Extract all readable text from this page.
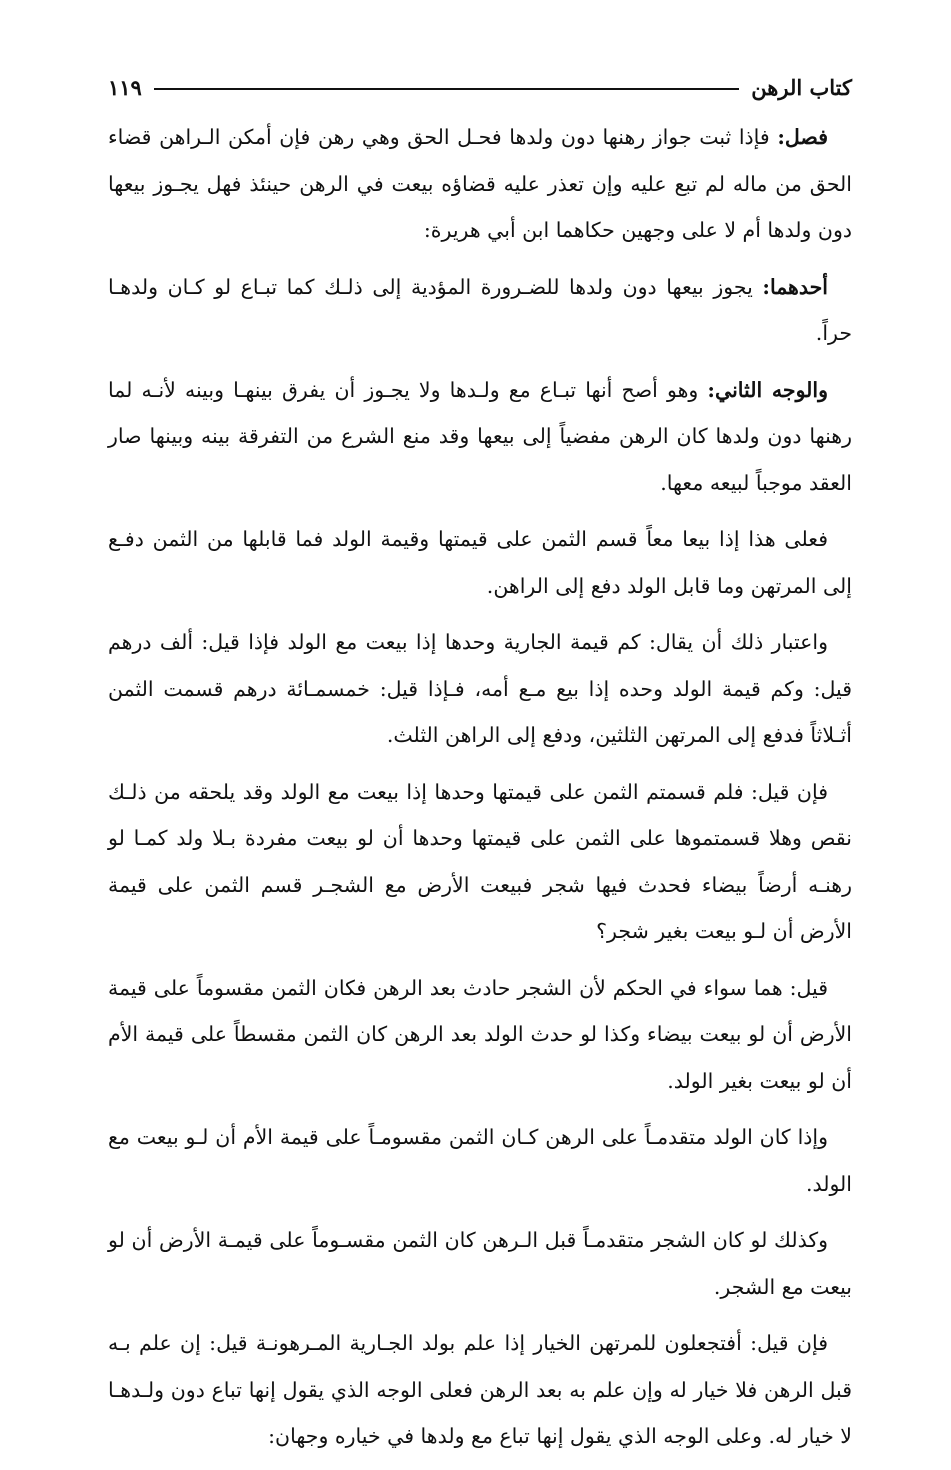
كتاب الرهن
١١٩

فصل: فإذا ثبت جواز رهنها دون ولدها فحـل الحق وهي رهن فإن أمكن الـراهن قضاء الحق من ماله لم تبع عليه وإن تعذر عليه قضاؤه بيعت في الرهن حينئذ فهل يجـوز بيعها دون ولدها أم لا على وجهين حكاهما ابن أبي هريرة:

أحدهما: يجوز بيعها دون ولدها للضـرورة المؤدية إلى ذلـك كما تبـاع لو كـان ولدهـا حراً.

والوجه الثاني: وهو أصح أنها تبـاع مع ولـدها ولا يجـوز أن يفرق بينهـا وبينه لأنـه لما رهنها دون ولدها كان الرهن مفضياً إلى بيعها وقد منع الشرع من التفرقة بينه وبينها صار العقد موجباً لبيعه معها.

فعلى هذا إذا بيعا معاً قسم الثمن على قيمتها وقيمة الولد فما قابلها من الثمن دفـع إلى المرتهن وما قابل الولد دفع إلى الراهن.

واعتبار ذلك أن يقال: كم قيمة الجارية وحدها إذا بيعت مع الولد فإذا قيل: ألف درهم قيل: وكم قيمة الولد وحده إذا بيع مـع أمه، فـإذا قيل: خمسمـائة درهم قسمت الثمن أثـلاثاً فدفع إلى المرتهن الثلثين، ودفع إلى الراهن الثلث.

فإن قيل: فلم قسمتم الثمن على قيمتها وحدها إذا بيعت مع الولد وقد يلحقه من ذلـك نقص وهلا قسمتموها على الثمن على قيمتها وحدها أن لو بيعت مفردة بـلا ولد كمـا لو رهنـه أرضاً بيضاء فحدث فيها شجر فبيعت الأرض مع الشجـر قسم الثمن على قيمة الأرض أن لـو بيعت بغير شجر؟

قيل: هما سواء في الحكم لأن الشجر حادث بعد الرهن فكان الثمن مقسوماً على قيمة الأرض أن لو بيعت بيضاء وكذا لو حدث الولد بعد الرهن كان الثمن مقسطاً على قيمة الأم أن لو بيعت بغير الولد.

وإذا كان الولد متقدمـاً على الرهن كـان الثمن مقسومـاً على قيمة الأم أن لـو بيعت مع الولد.

وكذلك لو كان الشجر متقدمـاً قبل الـرهن كان الثمن مقسـوماً على قيمـة الأرض أن لو بيعت مع الشجر.

فإن قيل: أفتجعلون للمرتهن الخيار إذا علم بولد الجـارية المـرهونـة قيل: إن علم بـه قبل الرهن فلا خيار له وإن علم به بعد الرهن فعلى الوجه الذي يقول إنها تباع دون ولـدهـا لا خيار له. وعلى الوجه الذي يقول إنها تباع مع ولدها في خياره وجهان:
